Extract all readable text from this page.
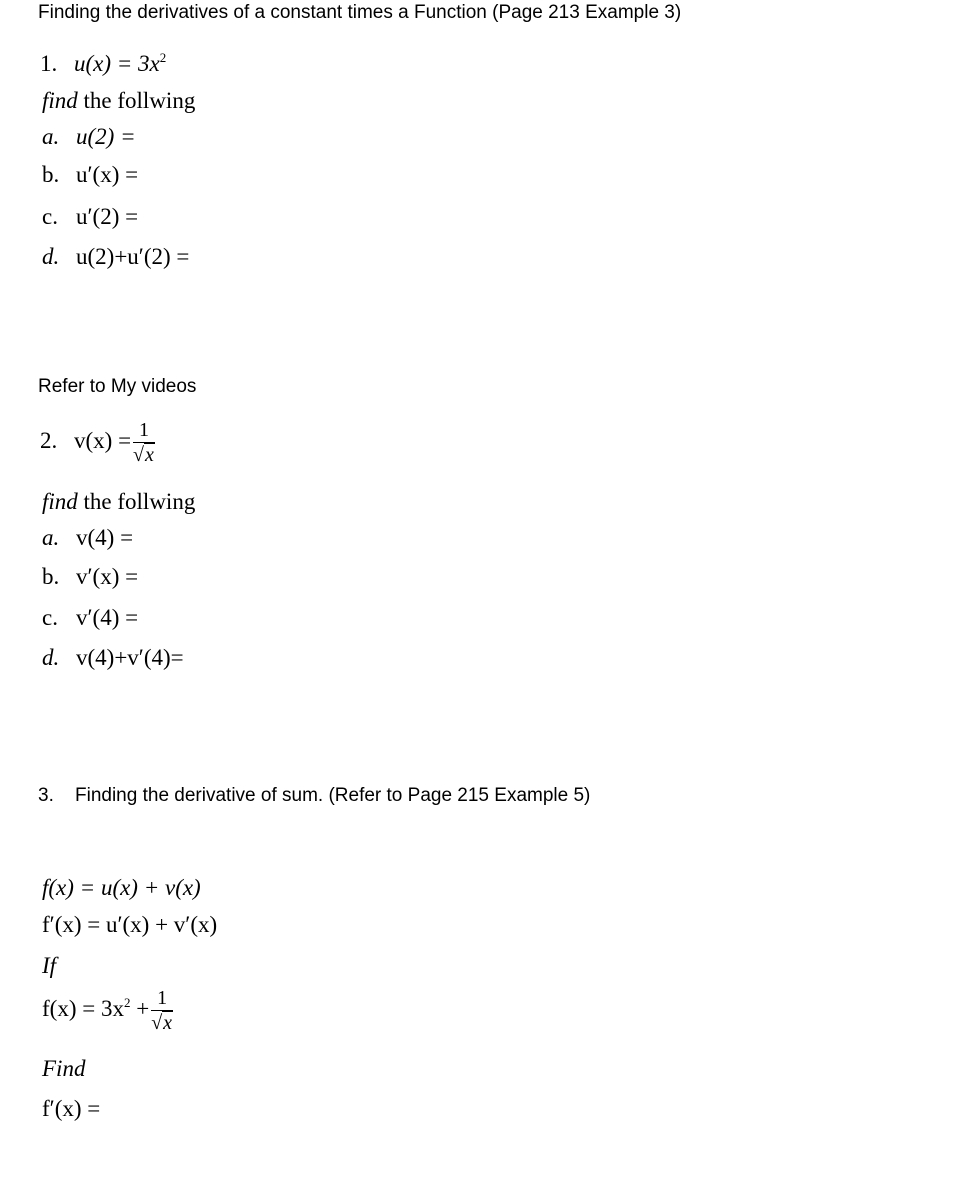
Finding the derivatives of a constant times a Function (Page 213 Example 3)
1. $u(x) = 3x^2$
find the follwing
a. u(2) =
b. uʹ(x) =
c. u′(2) =
d. u(2)+u′(2) =
Refer to My videos
2. $v(x) = \frac{1}{√x}$
find the follwing
a. v(4) =
b. vʹ(x) =
c. v′(4) =
d. v(4)+v′(4)=
3. Finding the derivative of sum. (Refer to Page 215 Example 5)
f(x) = u(x) + v(x)
f′(x) = u′(x) + v′(x)
If
$f(x) = 3x^2 + \frac{1}{√x}$
Find
f′(x) =
